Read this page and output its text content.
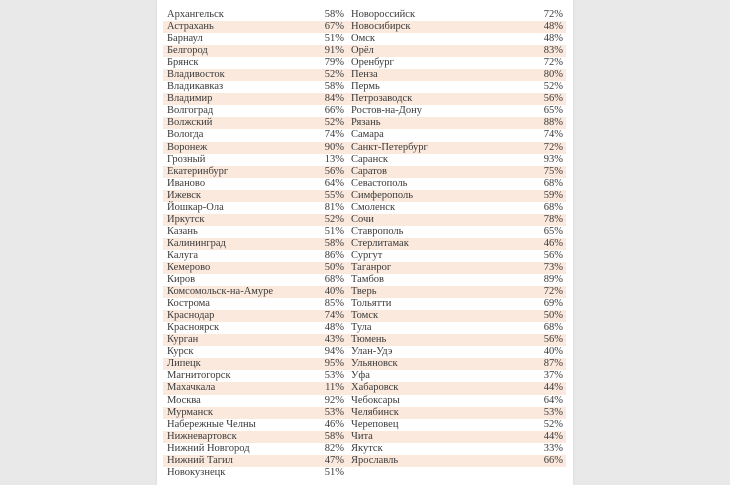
Архангельск	58%	Новороссийск	72%
Астрахань	67%	Новосибирск	48%
Барнаул	51%	Омск	48%
Белгород	91%	Орёл	83%
Брянск	79%	Оренбург	72%
Владивосток	52%	Пенза	80%
Владикавказ	58%	Пермь	52%
Владимир	84%	Петрозаводск	56%
Волгоград	66%	Ростов-на-Дону	65%
Волжский	52%	Рязань	88%
Вологда	74%	Самара	74%
Воронеж	90%	Санкт-Петербург	72%
Грозный	13%	Саранск	93%
Екатеринбург	56%	Саратов	75%
Иваново	64%	Севастополь	68%
Ижевск	55%	Симферополь	59%
Йошкар-Ола	81%	Смоленск	68%
Иркутск	52%	Сочи	78%
Казань	51%	Ставрополь	65%
Калининград	58%	Стерлитамак	46%
Калуга	86%	Сургут	56%
Кемерово	50%	Таганрог	73%
Киров	68%	Тамбов	89%
Комсомольск-на-Амуре	40%	Тверь	72%
Кострома	85%	Тольятти	69%
Краснодар	74%	Томск	50%
Красноярск	48%	Тула	68%
Курган	43%	Тюмень	56%
Курск	94%	Улан-Удэ	40%
Липецк	95%	Ульяновск	87%
Магнитогорск	53%	Уфа	37%
Махачкала	11%	Хабаровск	44%
Москва	92%	Чебоксары	64%
Мурманск	53%	Челябинск	53%
Набережные Челны	46%	Череповец	52%
Нижневартовск	58%	Чита	44%
Нижний Новгород	82%	Якутск	33%
Нижний Тагил	47%	Ярославль	66%
Новокузнецк	51%		
